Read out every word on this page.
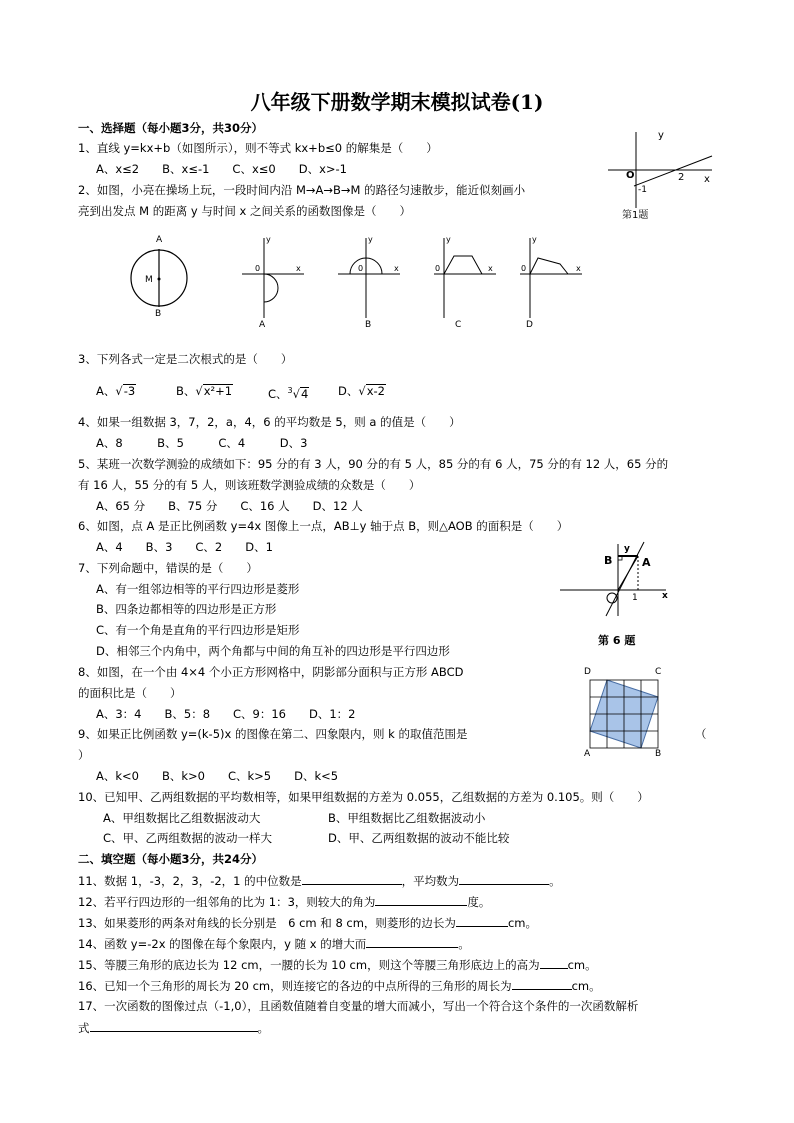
八年级下册数学期末模拟试卷(1)
一、选择题（每小题3分，共30分）
1、直线 y=kx+b（如图所示），则不等式 kx+b≤0 的解集是（　　）
A、x≤2　　B、x≤-1　　C、x≤0　　D、x>-1
y
x
O	2
-1
第1题
2、如图，小亮在操场上玩，一段时间内沿 M→A→B→M 的路径匀速散步，能近似刻画小
亮到出发点 M 的距离 y 与时间 x 之间关系的函数图像是（　　）
A
B
M
y
x
0
y
x
0
y
x
0
y
x
0
A	B	C	D
3、下列各式一定是二次根式的是（　　）
A、√-3	B、√x²+1	C、$^3$√4	D、√x-2
4、如果一组数据 3，7，2，a，4，6 的平均数是 5，则 a 的值是（　　）
A、8　　　B、5　　　C、4　　　D、3
5、某班一次数学测验的成绩如下：95 分的有 3 人，90 分的有 5 人，85 分的有 6 人，75 分的有 12 人，65 分的
有 16 人，55 分的有 5 人，则该班数学测验成绩的众数是（　　）
A、65 分　　B、75 分　　C、16 人　　D、12 人
6、如图，点 A 是正比例函数 y=4x 图像上一点，AB⊥y 轴于点 B，则△AOB 的面积是（　　）
A、4　　B、3　　C、2　　D、1
B	A
y
x
1
第 6 题
7、下列命题中，错误的是（　　）
A、有一组邻边相等的平行四边形是菱形
B、四条边都相等的四边形是正方形
C、有一个角是直角的平行四边形是矩形
D、相邻三个内角中，两个角都与中间的角互补的四边形是平行四边形
8、如图，在一个由 4×4 个小正方形网格中，阴影部分面积与正方形 ABCD
的面积比是（　　）
A、3：4　　B、5：8　　C、9：16　　D、1：2
D	C
A	B
9、如果正比例函数 y=(k-5)x 的图像在第二、四象限内，则 k 的取值范围是	（
）
A、k<0　　B、k>0　　C、k>5　　D、k<5
10、已知甲、乙两组数据的平均数相等，如果甲组数据的方差为 0.055，乙组数据的方差为 0.105。则（　　）
A、甲组数据比乙组数据波动大	B、甲组数据比乙组数据波动小
C、甲、乙两组数据的波动一样大	D、甲、乙两组数据的波动不能比较
二、填空题（每小题3分，共24分）
11、数据 1，-3，2，3，-2，1 的中位数是	，平均数为	。
12、若平行四边形的一组邻角的比为 1：3，则较大的角为	度。
13、如果菱形的两条对角线的长分别是　6 cm 和 8 cm，则菱形的边长为	cm。
14、函数 y=-2x 的图像在每个象限内，y 随 x 的增大而	。
15、等腰三角形的底边长为 12 cm，一腰的长为 10 cm，则这个等腰三角形底边上的高为 cm。
16、已知一个三角形的周长为 20 cm，则连接它的各边的中点所得的三角形的周长为	cm。
17、一次函数的图像过点（-1,0），且函数值随着自变量的增大而减小，写出一个符合这个条件的一次函数解析
式	。
